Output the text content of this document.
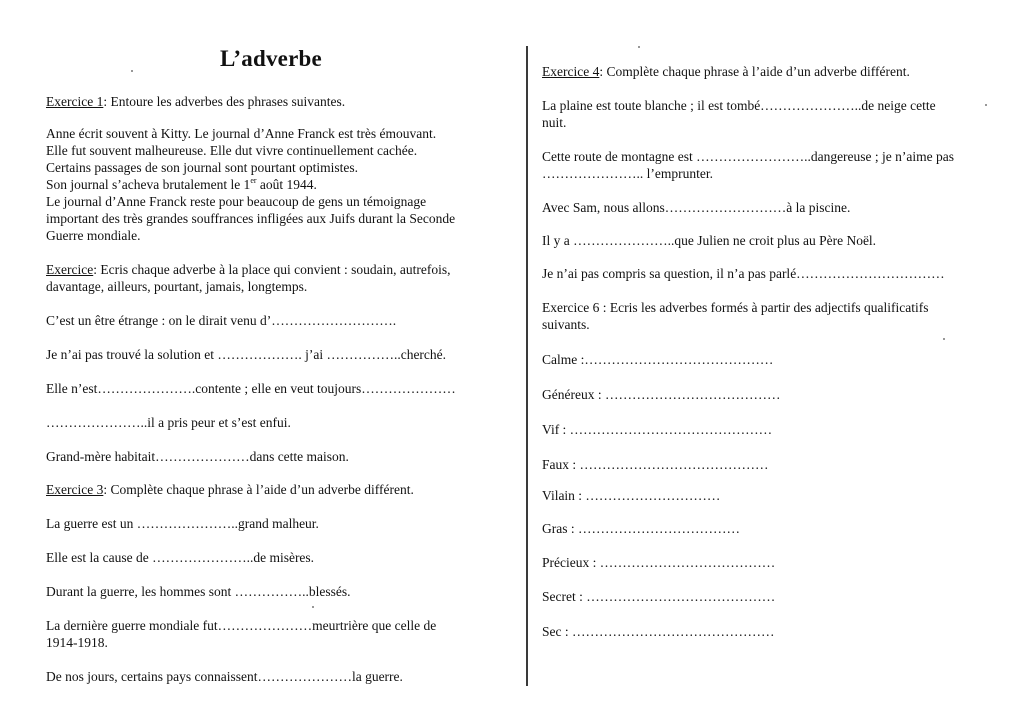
L’adverbe
Exercice 1: Entoure les adverbes des phrases suivantes.
Anne écrit souvent à Kitty. Le journal d’Anne Franck est très émouvant.
Elle fut souvent malheureuse. Elle dut vivre continuellement cachée.
Certains passages de son journal sont pourtant optimistes.
Son journal s’acheva brutalement le 1er août 1944.
Le journal d’Anne Franck reste pour beaucoup de gens un témoignage
important des très grandes souffrances infligées aux Juifs durant la Seconde
Guerre mondiale.
Exercice: Ecris chaque adverbe à la place qui convient : soudain, autrefois,
davantage, ailleurs, pourtant, jamais, longtemps.
C’est un être étrange : on le dirait venu d’……………………….
Je n’ai pas trouvé la solution et ………………. j’ai ……………..cherché.
Elle n’est………………….contente ; elle en veut toujours…………………
…………………..il a pris peur et s’est enfui.
Grand-mère habitait…………………dans cette maison.
Exercice 3: Complète chaque phrase à l’aide d’un adverbe différent.
La guerre est un …………………..grand malheur.
Elle est la cause de …………………..de misères.
Durant la guerre, les hommes sont ……………..blessés.
La dernière guerre mondiale fut…………………meurtrière que celle de
1914-1918.
De nos jours, certains pays connaissent…………………la guerre.
Exercice 4: Complète chaque phrase à l’aide d’un adverbe différent.
La plaine est toute blanche ; il est tombé…………………..de neige cette
nuit.
Cette route de montagne est ……………………..dangereuse ; je n’aime pas
………………….. l’emprunter.
Avec Sam, nous allons………………………à la piscine.
Il y a …………………..que Julien ne croit plus au Père Noël.
Je n’ai pas compris sa question, il n’a pas parlé……………………………
Exercice 6 : Ecris les adverbes formés à partir des adjectifs qualificatifs
suivants.
Calme :……………………………………
Généreux : …………………………………
Vif : ………………………………………
Faux : ……………………………………
Vilain : …………………………
Gras : ………………………………
Précieux : …………………………………
Secret : ……………………………………
Sec : ………………………………………
